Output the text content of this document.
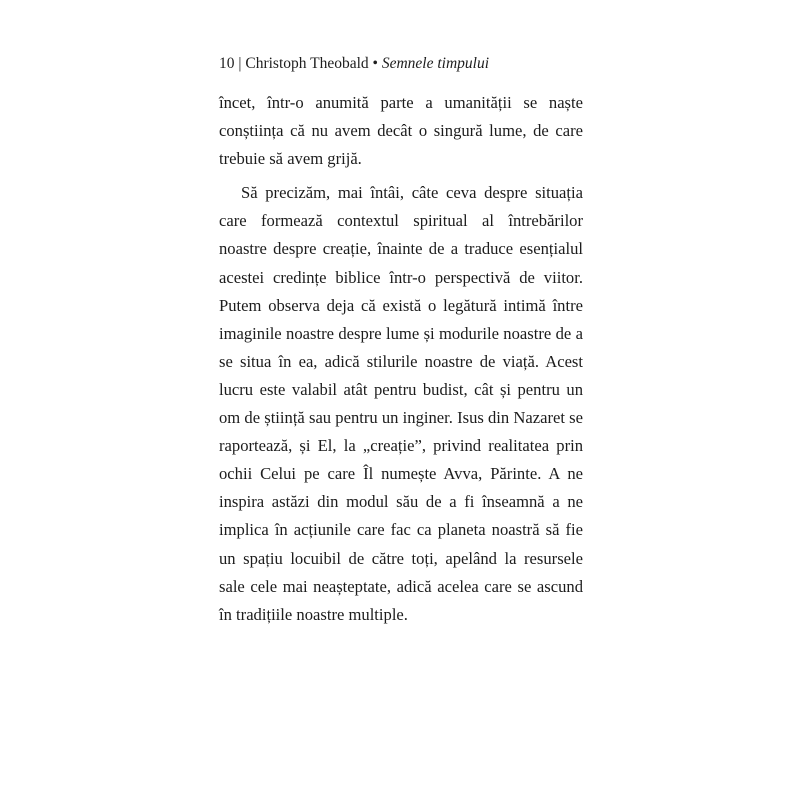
10 | Christoph Theobald • Semnele timpului

încet, într-o anumită parte a umanității se naște conștiința că nu avem decât o singură lume, de care trebuie să avem grijă.

Să precizăm, mai întâi, câte ceva despre situația care formează contextul spiritual al întrebărilor noastre despre creație, înainte de a traduce esențialul acestei credințe biblice într-o perspectivă de viitor. Putem observa deja că există o legătură intimă între imaginile noastre despre lume și modurile noastre de a se situa în ea, adică stilurile noastre de viață. Acest lucru este valabil atât pentru budist, cât și pentru un om de știință sau pentru un inginer. Isus din Nazaret se raportează, și El, la „creație”, privind realitatea prin ochii Celui pe care Îl numește Avva, Părinte. A ne inspira astăzi din modul său de a fi înseamnă a ne implica în acțiunile care fac ca planeta noastră să fie un spațiu locuibil de către toți, apelând la resursele sale cele mai neașteptate, adică acelea care se ascund în tradițiile noastre multiple.
